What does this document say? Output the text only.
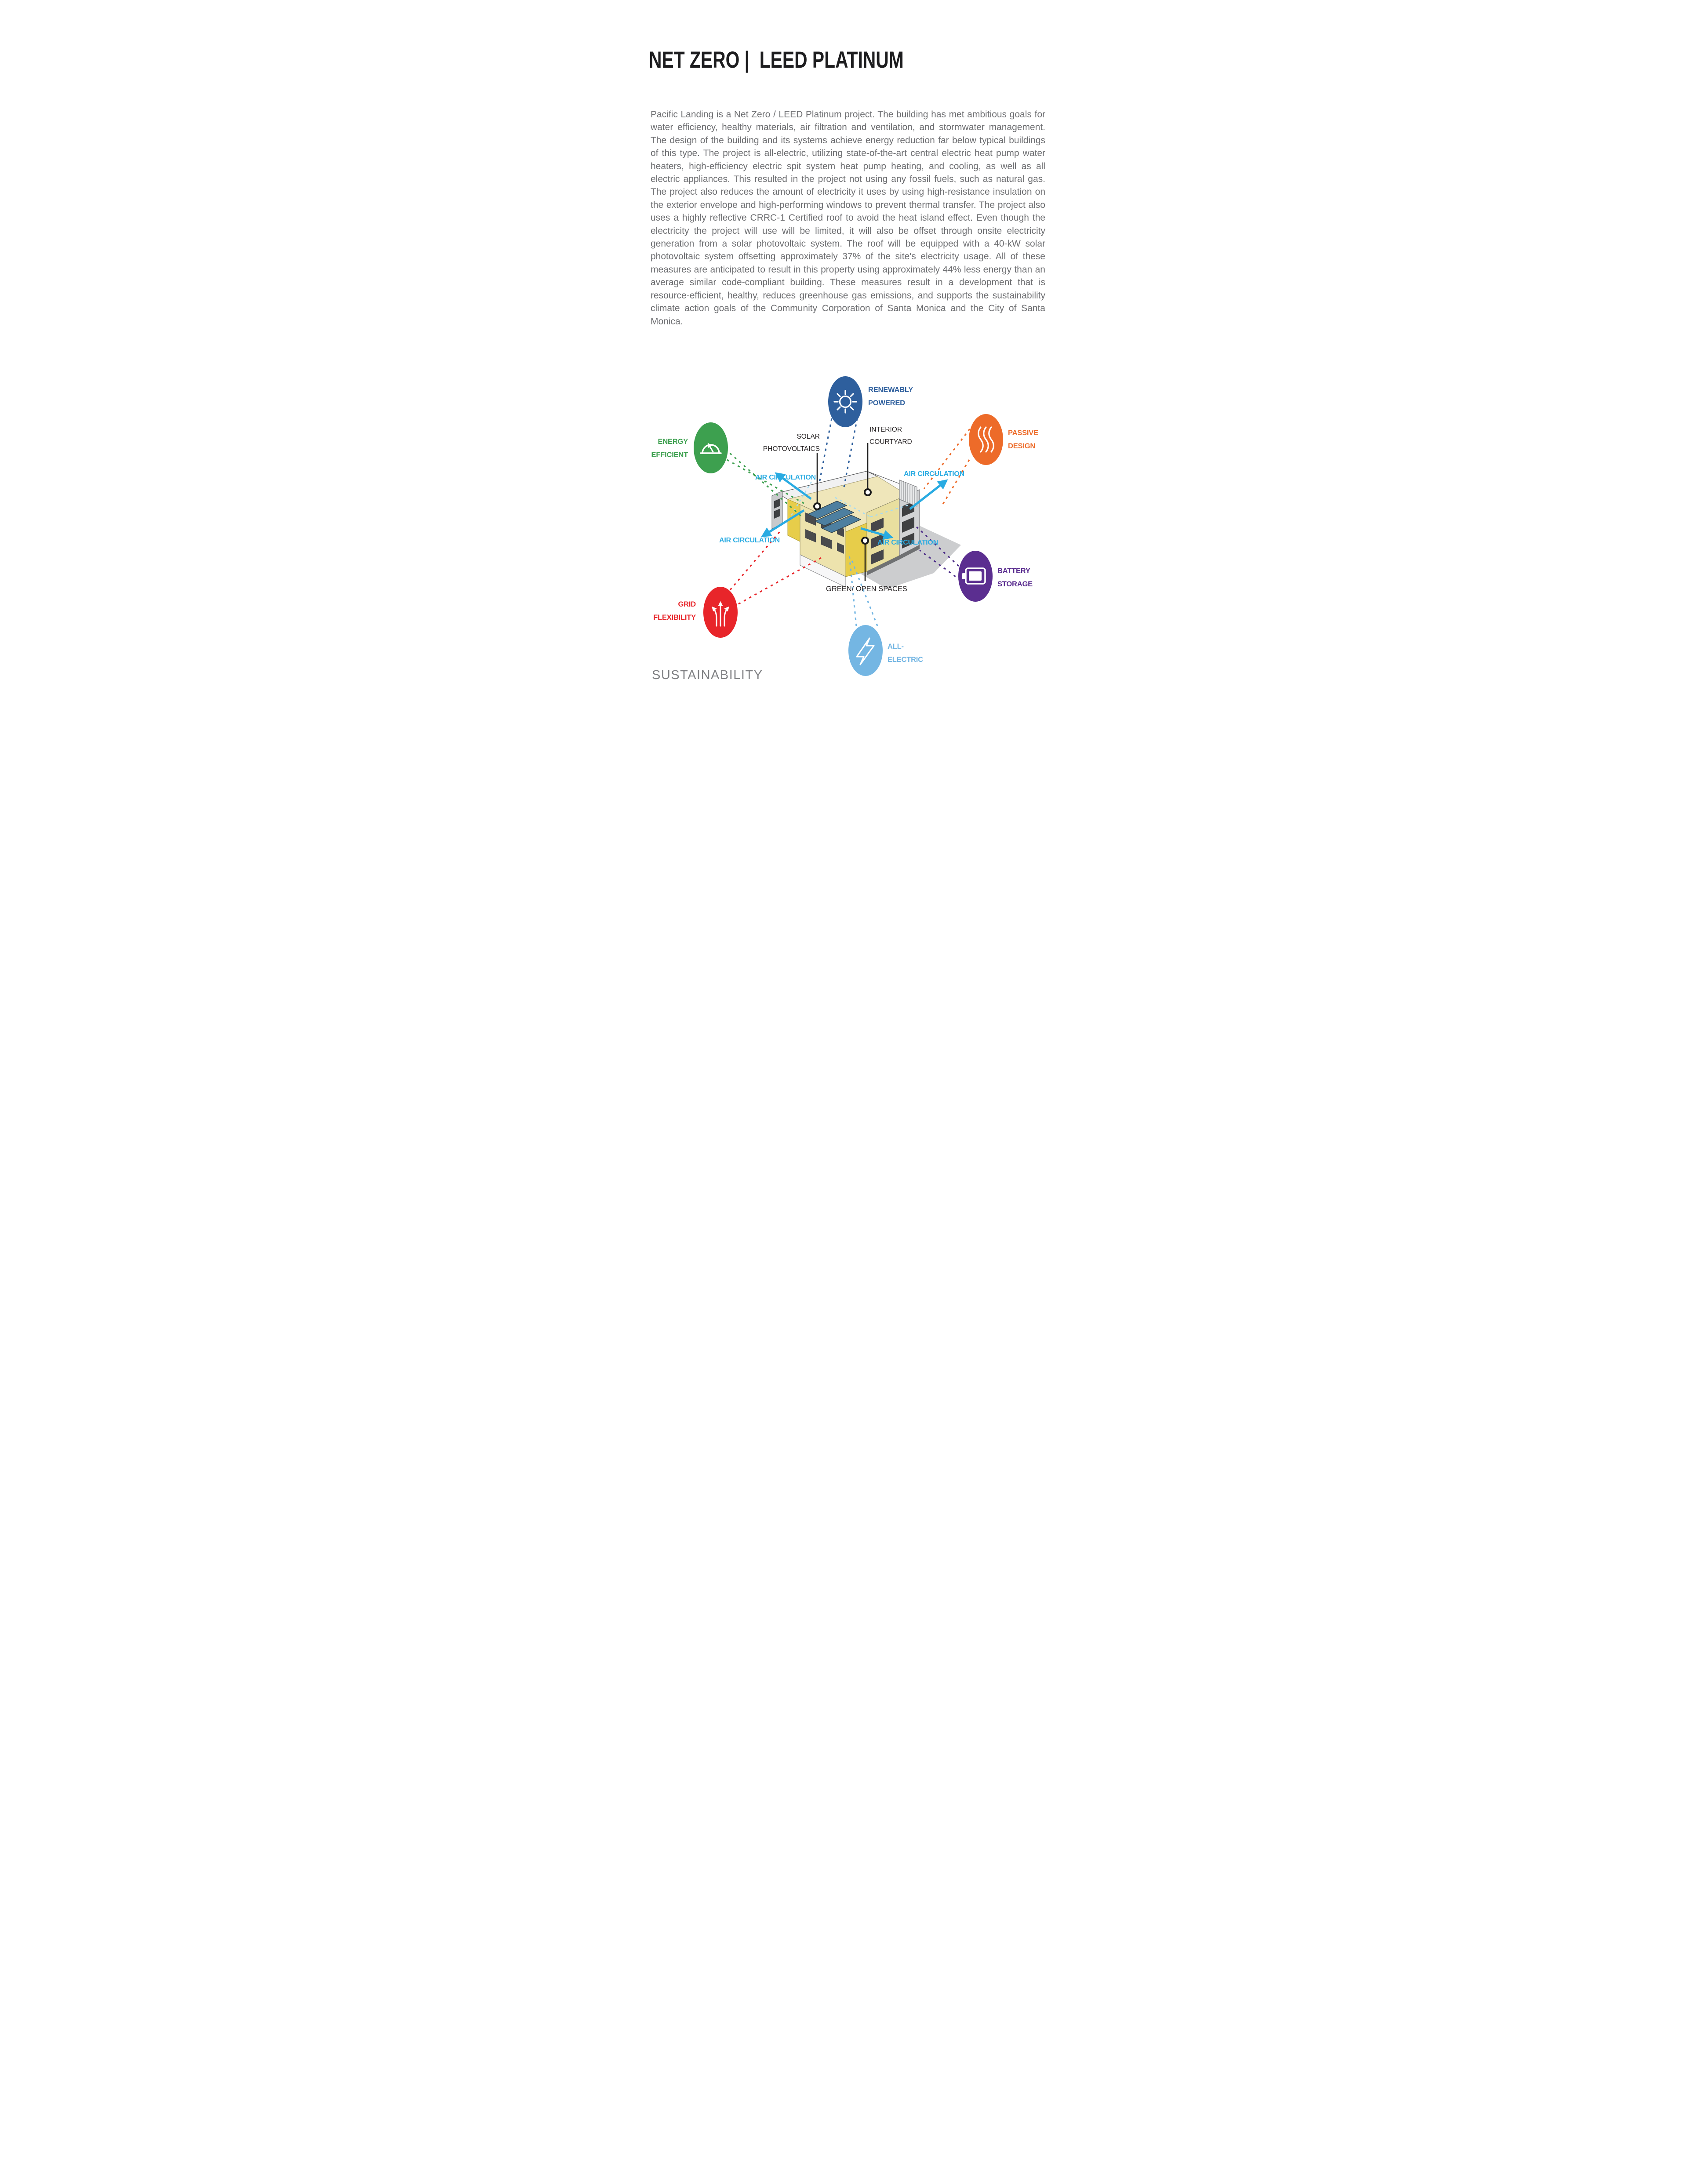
NET ZERO |  LEED PLATINUM
Pacific Landing is a Net Zero / LEED Platinum project. The building has met ambitious goals for water efficiency, healthy materials, air filtration and ventilation, and stormwater management. The design of the building and its systems achieve energy reduction far below typical buildings of this type. The project is all-electric, utilizing state-of-the-art central electric heat pump water heaters, high-efficiency electric spit system heat pump heating, and cooling, as well as all electric appliances. This resulted in the project not using any fossil fuels, such as natural gas. The project also reduces the amount of electricity it uses by using high-resistance insulation on the exterior envelope and high-performing windows to prevent thermal transfer. The project also uses a highly reflective CRRC-1 Certified roof to avoid the heat island effect. Even though the electricity the project will use will be limited, it will also be offset through onsite electricity generation from a solar photovoltaic system. The roof will be equipped with a 40-kW solar photovoltaic system offsetting approximately 37% of the site's electricity usage. All of these measures are anticipated to result in this property using approximately 44% less energy than an average similar code-compliant building. These measures result in a development that is resource-efficient, healthy, reduces greenhouse gas emissions, and supports the sustainability climate action goals of the Community Corporation of Santa Monica and the City of Santa Monica.
RENEWABLY
POWERED
ENERGY
EFFICIENT
PASSIVE
DESIGN
GRID
FLEXIBILITY
BATTERY
STORAGE
ALL-
ELECTRIC
SOLAR
PHOTOVOLTAICS
INTERIOR
COURTYARD
GREEN/ OPEN SPACES
AIR CIRCULATION	AIR CIRCULATION
AIR CIRCULATION	AIR CIRCULATION
SUSTAINABILITY
